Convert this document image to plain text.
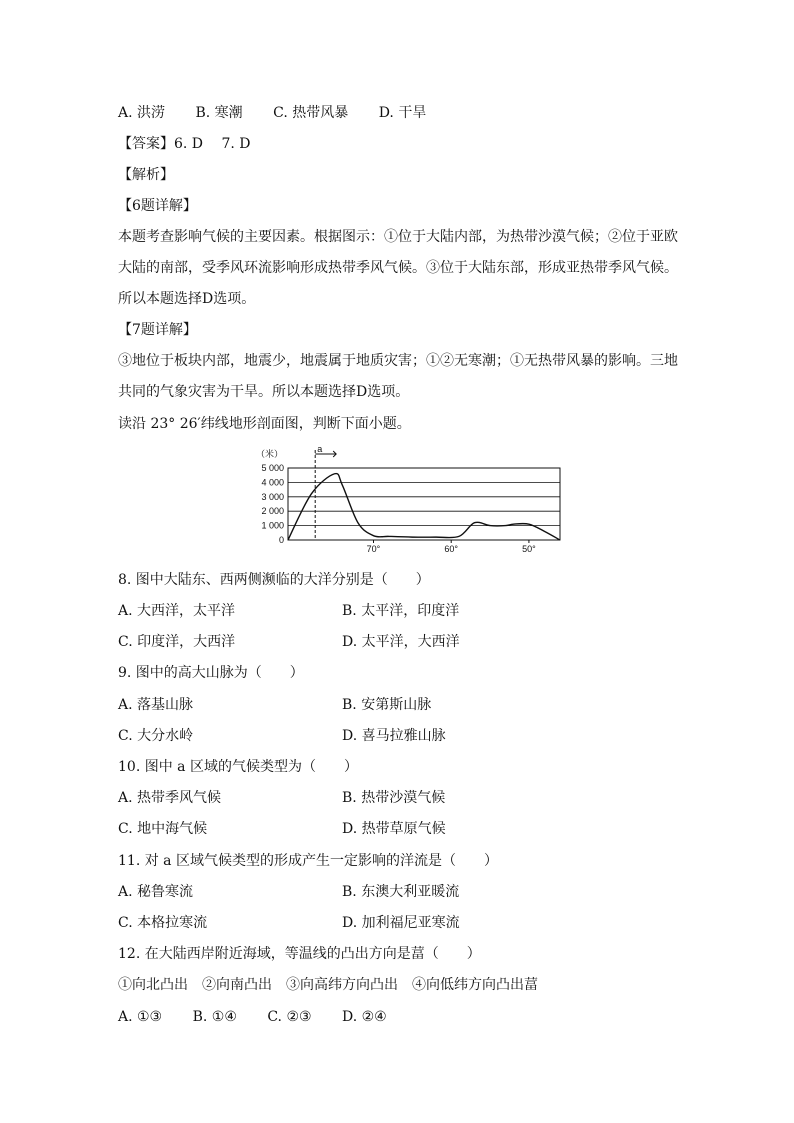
A. 洪涝 B. 寒潮 C. 热带风暴 D. 干旱
【答案】6. D　 7. D
【解析】
【6题详解】
本题考查影响气候的主要因素。根据图示：①位于大陆内部，为热带沙漠气候；②位于亚欧
大陆的南部，受季风环流影响形成热带季风气候。③位于大陆东部，形成亚热带季风气候。
所以本题选择D选项。
【7题详解】
③地位于板块内部，地震少，地震属于地质灾害；①②无寒潮；①无热带风暴的影响。三地
共同的气象灾害为干旱。所以本题选择D选项。
读沿 23° 26′纬线地形剖面图，判断下面小题。
（米）
5 000
4 000
3 000
2 000
1 000
0
70°	60°	50°
a
8. 图中大陆东、西两侧濒临的大洋分别是（　　）
A. 大西洋，太平洋	B. 太平洋，印度洋
C. 印度洋，大西洋	D. 太平洋，大西洋
9. 图中的高大山脉为（　　）
A. 落基山脉	B. 安第斯山脉
C. 大分水岭	D. 喜马拉雅山脉
10. 图中 a 区域的气候类型为（　　）
A. 热带季风气候	B. 热带沙漠气候
C. 地中海气候	D. 热带草原气候
11. 对 a 区域气候类型的形成产生一定影响的洋流是（　　）
A. 秘鲁寒流	B. 东澳大利亚暖流
C. 本格拉寒流	D. 加利福尼亚寒流
12. 在大陆西岸附近海域，等温线的凸出方向是葍（　　）
①向北凸出　②向南凸出　③向高纬方向凸出　④向低纬方向凸出葍
A. ①③ B. ①④ C. ②③ D. ②④
